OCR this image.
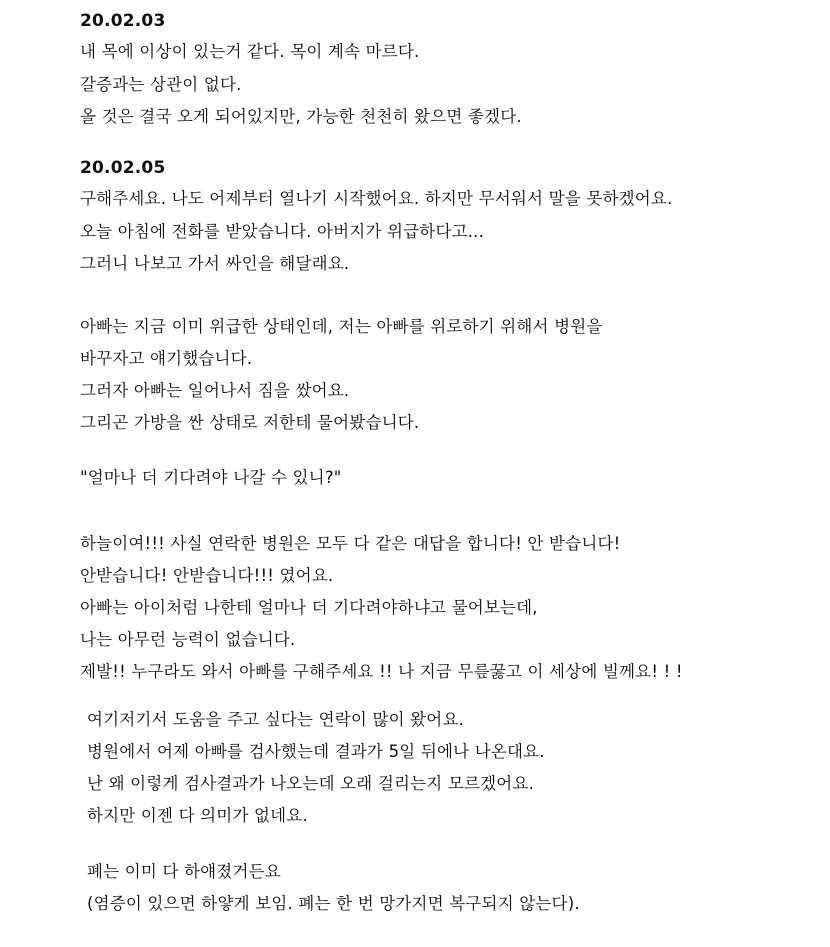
20.02.03
내 목에 이상이 있는거 같다. 목이 계속 마르다.
갈증과는 상관이 없다.
올 것은 결국 오게 되어있지만, 가능한 천천히 왔으면 좋겠다.
20.02.05
구해주세요. 나도 어제부터 열나기 시작했어요. 하지만 무서워서 말을 못하겠어요.
오늘 아침에 전화를 받았습니다. 아버지가 위급하다고...
그러니 나보고 가서 싸인을 해달래요.
아빠는 지금 이미 위급한 상태인데, 저는 아빠를 위로하기 위해서 병원을
바꾸자고 얘기했습니다.
그러자 아빠는 일어나서 짐을 쌌어요.
그리곤 가방을 싼 상태로 저한테 물어봤습니다.
"얼마나 더 기다려야 나갈 수 있니?"
하늘이여!!! 사실 연락한 병원은 모두 다 같은 대답을 합니다! 안 받습니다!
안받습니다! 안받습니다!!! 였어요.
아빠는 아이처럼 나한테 얼마나 더 기다려야하냐고 물어보는데,
나는 아무런 능력이 없습니다.
제발!! 누구라도 와서 아빠를 구해주세요 !! 나 지금 무릎꿇고 이 세상에 빌께요! ! !
여기저기서 도움을 주고 싶다는 연락이 많이 왔어요.
병원에서 어제 아빠를 검사했는데 결과가 5일 뒤에나 나온대요.
난 왜 이렇게 검사결과가 나오는데 오래 걸리는지 모르겠어요.
하지만 이젠 다 의미가 없네요.
폐는 이미 다 하얘졌거든요
(염증이 있으면 하얗게 보임. 폐는 한 번 망가지면 복구되지 않는다).
